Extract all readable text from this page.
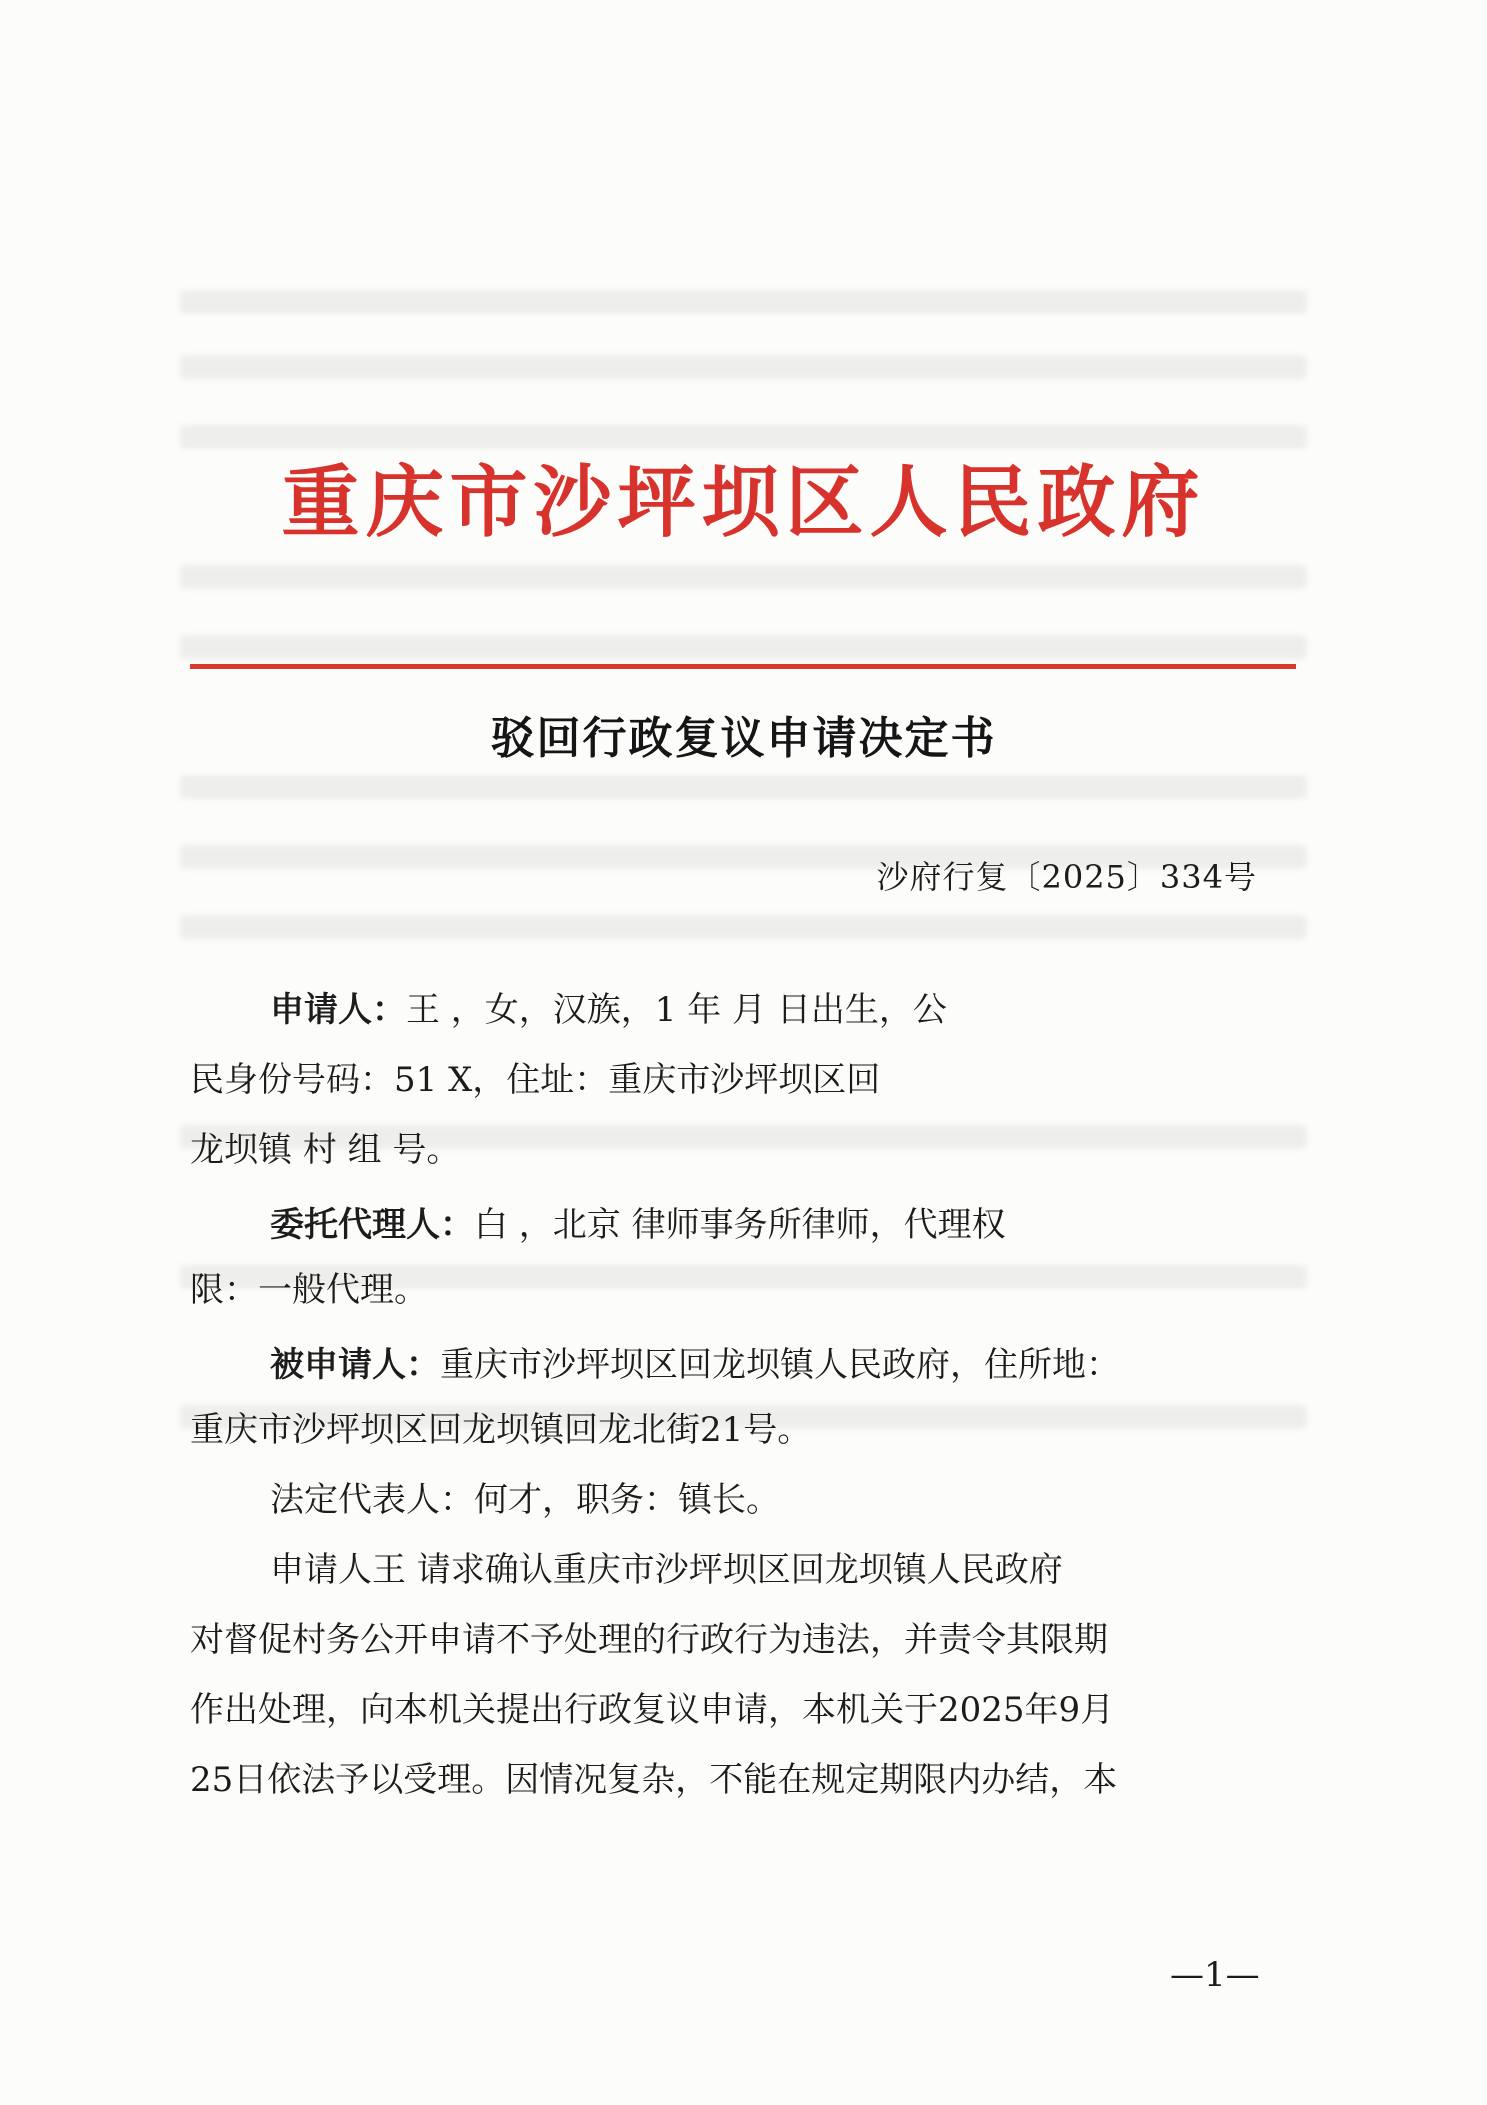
重庆市沙坪坝区人民政府
驳回行政复议申请决定书
沙府行复〔2025〕334号
申请人：王 ，女，汉族，1 年 月 日出生，公
民身份号码：51 X，住址：重庆市沙坪坝区回
龙坝镇 村 组 号。
委托代理人：白 ，北京 律师事务所律师，代理权
限：一般代理。
被申请人：重庆市沙坪坝区回龙坝镇人民政府，住所地：
重庆市沙坪坝区回龙坝镇回龙北街21号。
法定代表人：何才，职务：镇长。
申请人王 请求确认重庆市沙坪坝区回龙坝镇人民政府
对督促村务公开申请不予处理的行政行为违法，并责令其限期
作出处理，向本机关提出行政复议申请，本机关于2025年9月
25日依法予以受理。因情况复杂，不能在规定期限内办结，本
—1—
